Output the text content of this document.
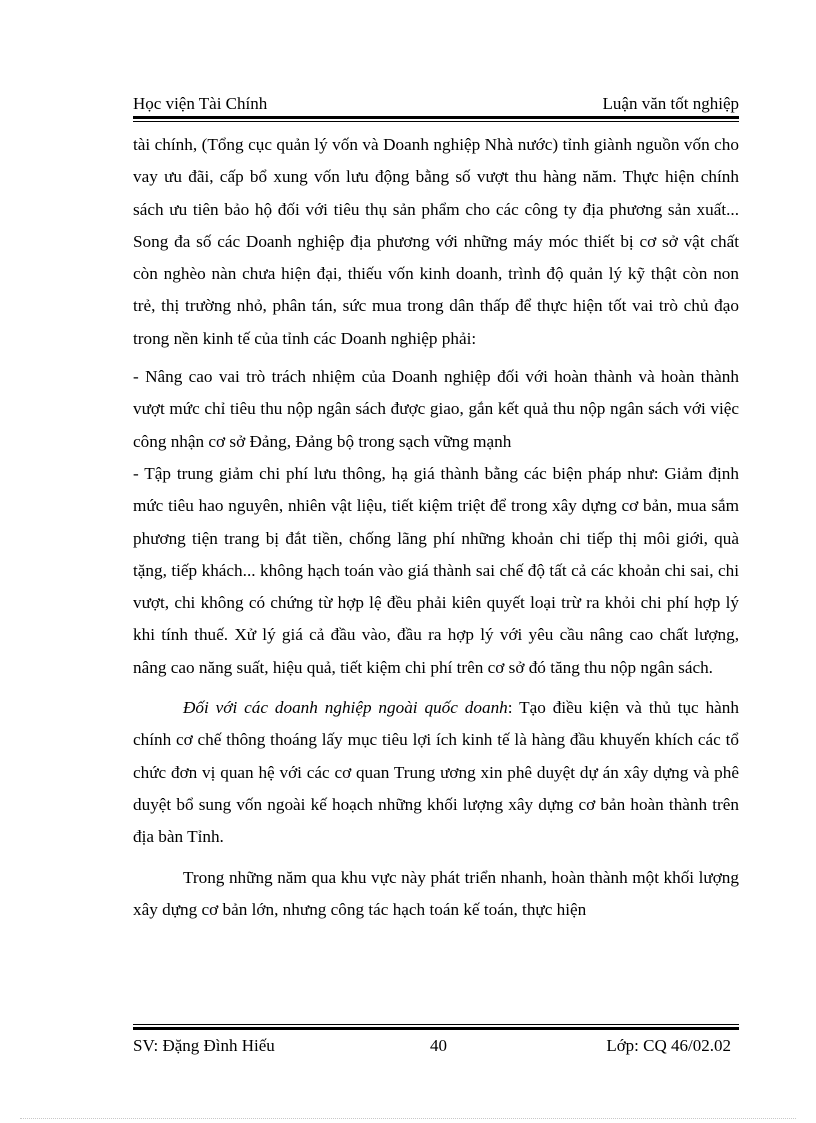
Học viện Tài Chính	Luận văn tốt nghiệp

tài chính, (Tổng cục quản lý vốn và Doanh nghiệp Nhà nước) tỉnh giành nguồn vốn cho vay ưu đãi, cấp bổ xung vốn lưu động bằng số vượt thu hàng năm. Thực hiện chính sách ưu tiên bảo hộ đối với tiêu thụ sản phẩm cho các công ty địa phương sản xuất... Song đa số các Doanh nghiệp địa phương với những máy móc thiết bị cơ sở vật chất còn nghèo nàn chưa hiện đại, thiếu vốn kinh doanh, trình độ quản lý kỹ thật còn non trẻ, thị trường nhỏ, phân tán, sức mua trong dân thấp để thực hiện tốt vai trò chủ đạo trong nền kinh tế của tỉnh các Doanh nghiệp phải:

- Nâng cao vai trò trách nhiệm của Doanh nghiệp đối với hoàn thành và hoàn thành vượt mức chỉ tiêu thu nộp ngân sách được giao, gắn kết quả thu nộp ngân sách với việc công nhận cơ sở Đảng, Đảng bộ trong sạch vững mạnh

- Tập trung giảm chi phí lưu thông, hạ giá thành bằng các biện pháp như: Giảm định mức tiêu hao nguyên, nhiên vật liệu, tiết kiệm triệt để trong xây dựng cơ bản, mua sắm phương tiện trang bị đắt tiền, chống lãng phí những khoản chi tiếp thị môi giới, quà tặng, tiếp khách... không hạch toán vào giá thành sai chế độ tất cả các khoản chi sai, chi vượt, chi không có chứng từ hợp lệ đều phải kiên quyết loại trừ ra khỏi chi phí hợp lý khi tính thuế. Xử lý giá cả đầu vào, đầu ra hợp lý với yêu cầu nâng cao chất lượng, nâng cao năng suất, hiệu quả, tiết kiệm chi phí trên cơ sở đó tăng thu nộp ngân sách.

Đối với các doanh nghiệp ngoài quốc doanh: Tạo điều kiện và thủ tục hành chính cơ chế thông thoáng lấy mục tiêu lợi ích kinh tế là hàng đầu khuyến khích các tổ chức đơn vị quan hệ với các cơ quan Trung ương xin phê duyệt dự án xây dựng và phê duyệt bổ sung vốn ngoài kế hoạch những khối lượng xây dựng cơ bản hoàn thành trên địa bàn Tỉnh.

Trong những năm qua khu vực này phát triển nhanh, hoàn thành một khối lượng xây dựng cơ bản lớn, nhưng công tác hạch toán kế toán, thực hiện

SV: Đặng Đình Hiếu	40	Lớp: CQ 46/02.02
